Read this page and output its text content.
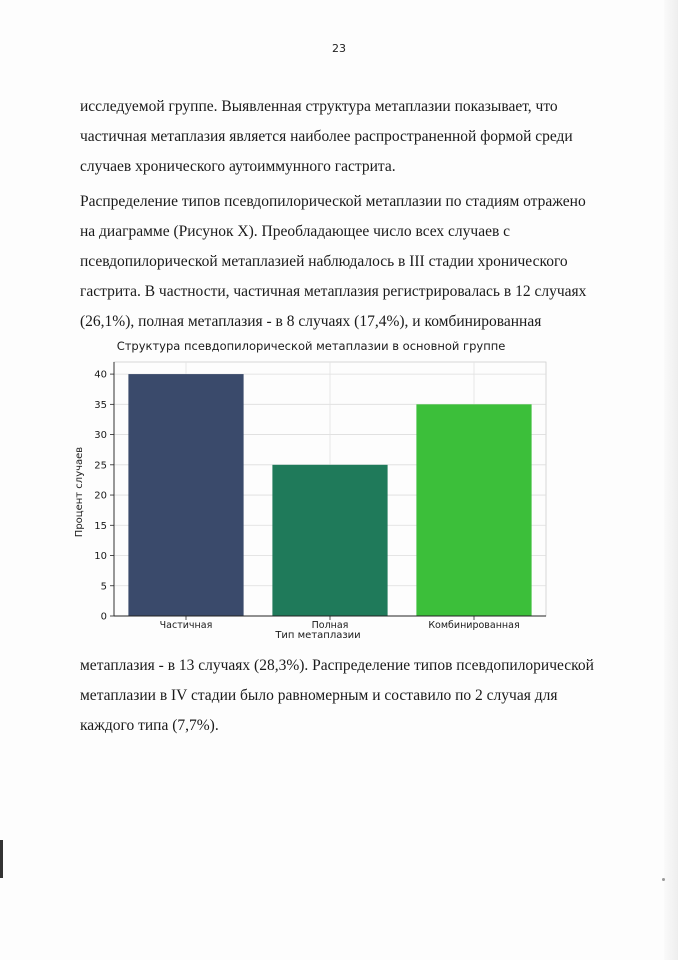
23

исследуемой группе. Выявленная структура метаплазии показывает, что
частичная метаплазия является наиболее распространенной формой среди
случаев хронического аутоиммунного гастрита.

Распределение типов псевдопилорической метаплазии по стадиям отражено
на диаграмме (Рисунок X). Преобладающее число всех случаев с
псевдопилорической метаплазией наблюдалось в III стадии хронического
гастрита. В частности, частичная метаплазия регистрировалась в 12 случаях
(26,1%), полная метаплазия - в 8 случаях (17,4%), и комбинированная

Структура псевдопилорической метаплазии в основной группе
0
5
10
15
20
25
30
35
40
Частичная	Полная	Комбинированная
Тип метаплазии
Процент случаев

метаплазия - в 13 случаях (28,3%). Распределение типов псевдопилорической
метаплазии в IV стадии было равномерным и составило по 2 случая для
каждого типа (7,7%).
